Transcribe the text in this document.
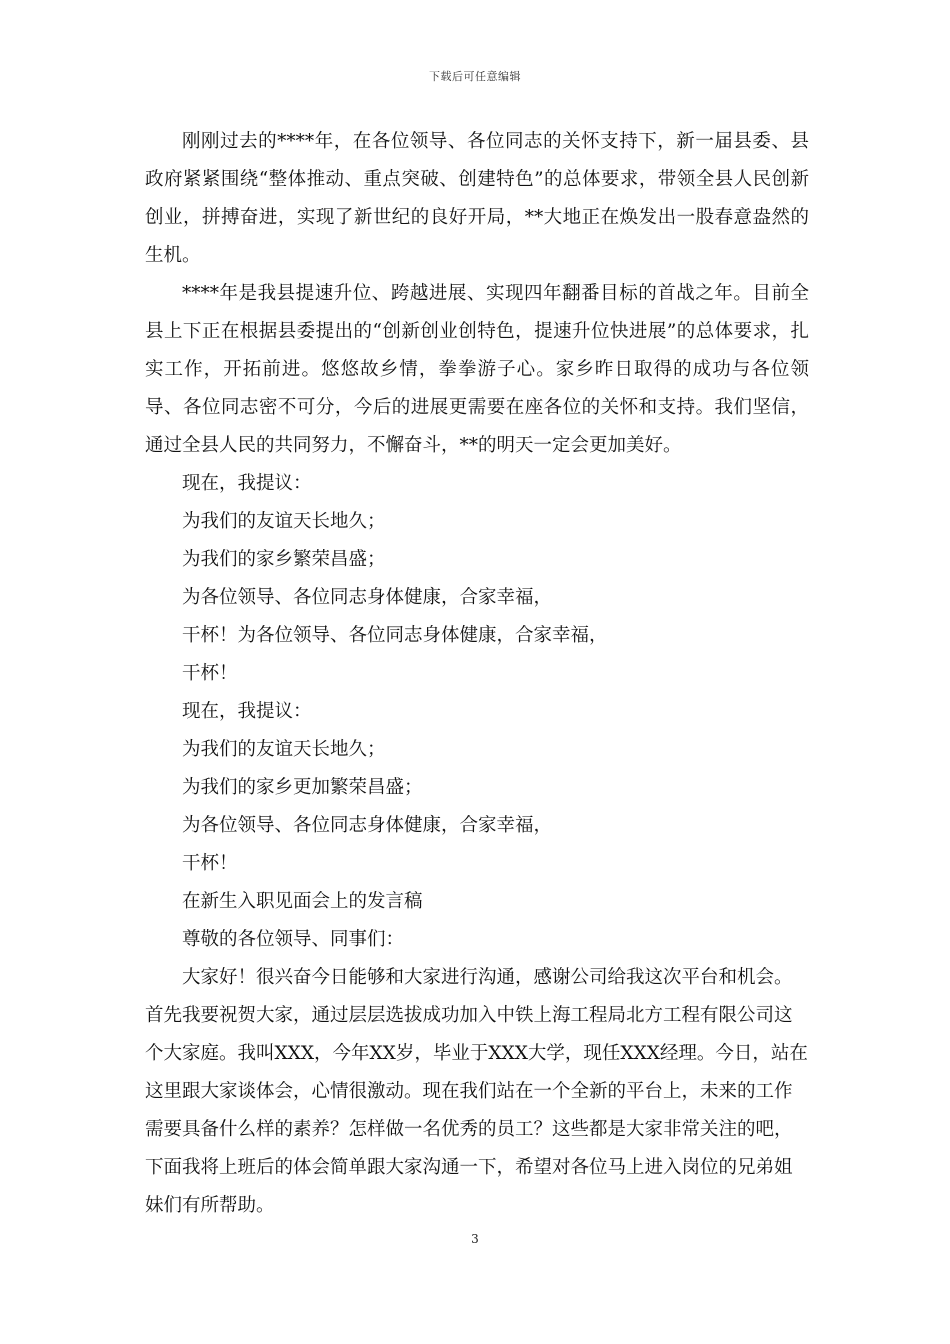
下载后可任意编辑

刚刚过去的****年，在各位领导、各位同志的关怀支持下，新一届县委、县政府紧紧围绕“整体推动、重点突破、创建特色”的总体要求，带领全县人民创新创业，拼搏奋进，实现了新世纪的良好开局，**大地正在焕发出一股春意盎然的生机。

****年是我县提速升位、跨越进展、实现四年翻番目标的首战之年。目前全县上下正在根据县委提出的“创新创业创特色，提速升位快进展”的总体要求，扎实工作，开拓前进。悠悠故乡情，拳拳游子心。家乡昨日取得的成功与各位领导、各位同志密不可分，今后的进展更需要在座各位的关怀和支持。我们坚信，通过全县人民的共同努力，不懈奋斗，**的明天一定会更加美好。

现在，我提议：

为我们的友谊天长地久；

为我们的家乡繁荣昌盛；

为各位领导、各位同志身体健康，合家幸福，

干杯！为各位领导、各位同志身体健康，合家幸福，

干杯！

现在，我提议：

为我们的友谊天长地久；

为我们的家乡更加繁荣昌盛；

为各位领导、各位同志身体健康，合家幸福，

干杯！

在新生入职见面会上的发言稿

尊敬的各位领导、同事们：

大家好！很兴奋今日能够和大家进行沟通，感谢公司给我这次平台和机会。首先我要祝贺大家，通过层层选拔成功加入中铁上海工程局北方工程有限公司这个大家庭。我叫XXX，今年XX岁，毕业于XXX大学，现任XXX经理。今日，站在这里跟大家谈体会，心情很激动。现在我们站在一个全新的平台上，未来的工作需要具备什么样的素养？怎样做一名优秀的员工？这些都是大家非常关注的吧，下面我将上班后的体会简单跟大家沟通一下，希望对各位马上进入岗位的兄弟姐妹们有所帮助。

3
